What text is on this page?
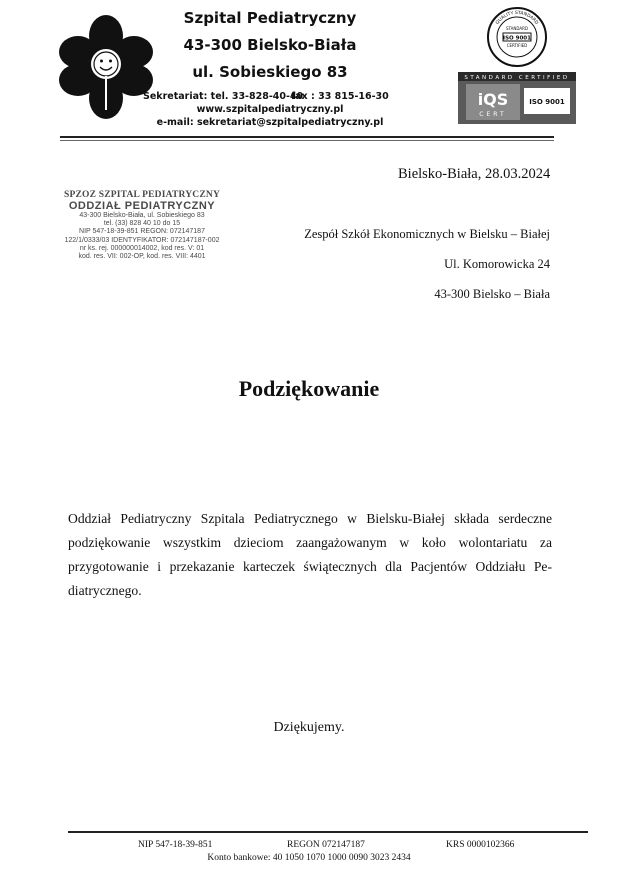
Szpital Pediatryczny
43-300 Bielsko-Biała
ul. Sobieskiego 83
Sekretariat: tel. 33-828-40-40
fax : 33 815-16-30
www.szpitalpediatryczny.pl
e-mail: sekretariat@szpitalpediatryczny.pl
QUALITY STANDARD
STANDARD
ISO 9001
CERTIFIED
STANDARD CERTIFIED
iQS
CERT
ISO 9001
SPZOZ SZPITAL PEDIATRYCZNY
ODDZIAŁ PEDIATRYCZNY
43-300 Bielsko-Biała, ul. Sobieskiego 83
tel. (33) 828 40 10 do 15
NIP 547-18-39-851 REGON: 072147187
122/1/0333/03 IDENTYFIKATOR: 072147187-002
nr ks. rej. 000000014002, kod res. V: 01
kod. res. VII: 002-OP, kod. res. VIII: 4401
Bielsko-Biała, 28.03.2024
Zespół Szkół Ekonomicznych w Bielsku – Białej
Ul. Komorowicka 24
43-300 Bielsko – Biała
Podziękowanie
Oddział Pediatryczny Szpitala Pediatrycznego w Bielsku-Białej składa serdeczne podziękowanie wszystkim dzieciom zaangażowanym w koło wolontariatu za przygotowanie i przekazanie karteczek świątecznych dla Pacjentów Oddziału Pe-diatrycznego.
Dziękujemy.
NIP 547-18-39-851	REGON 072147187	KRS 0000102366
Konto bankowe: 40 1050 1070 1000 0090 3023 2434
